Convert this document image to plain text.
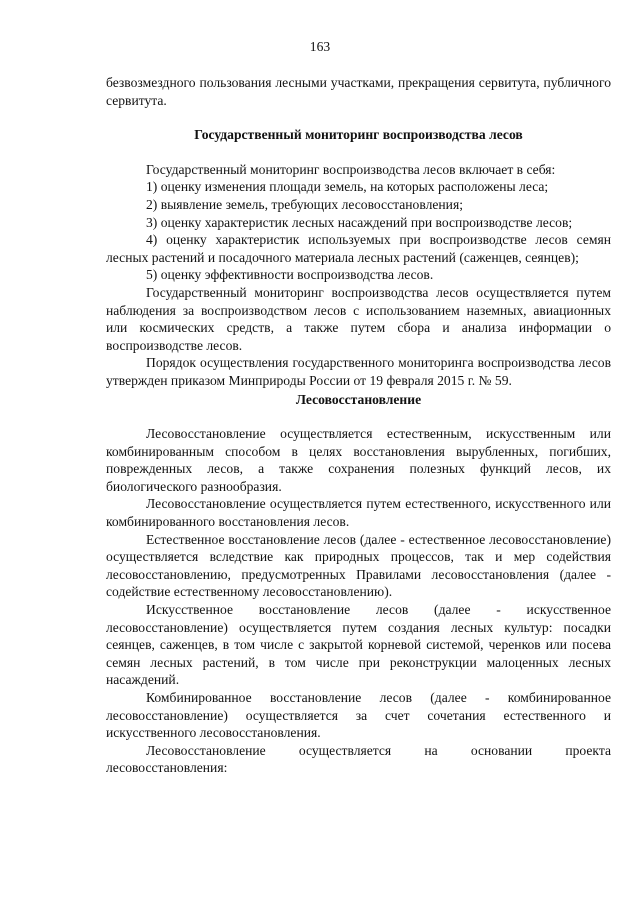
163

безвозмездного пользования лесными участками, прекращения сервитута, публичного сервитута.

Государственный мониторинг воспроизводства лесов

Государственный мониторинг воспроизводства лесов включает в себя:

1) оценку изменения площади земель, на которых расположены леса;

2) выявление земель, требующих лесовосстановления;

3) оценку характеристик лесных насаждений при воспроизводстве лесов;

4) оценку характеристик используемых при воспроизводстве лесов семян лесных растений и посадочного материала лесных растений (саженцев, сеянцев);

5) оценку эффективности воспроизводства лесов.

Государственный мониторинг воспроизводства лесов осуществляется путем наблюдения за воспроизводством лесов с использованием наземных, авиационных или космических средств, а также путем сбора и анализа информации о воспроизводстве лесов.

Порядок осуществления государственного мониторинга воспроизводства лесов утвержден приказом Минприроды России от 19 февраля 2015 г. № 59.

Лесовосстановление

Лесовосстановление осуществляется естественным, искусственным или комбинированным способом в целях восстановления вырубленных, погибших, поврежденных лесов, а также сохранения полезных функций лесов, их биологического разнообразия.

Лесовосстановление осуществляется путем естественного, искусственного или комбинированного восстановления лесов.

Естественное восстановление лесов (далее - естественное лесовосстановление) осуществляется вследствие как природных процессов, так и мер содействия лесовосстановлению, предусмотренных Правилами лесовосстановления (далее - содействие естественному лесовосстановлению).

Искусственное восстановление лесов (далее - искусственное лесовосстановление) осуществляется путем создания лесных культур: посадки сеянцев, саженцев, в том числе с закрытой корневой системой, черенков или посева семян лесных растений, в том числе при реконструкции малоценных лесных насаждений.

Комбинированное восстановление лесов (далее - комбинированное лесовосстановление) осуществляется за счет сочетания естественного и искусственного лесовосстановления.

Лесовосстановление осуществляется на основании проекта лесовосстановления:
